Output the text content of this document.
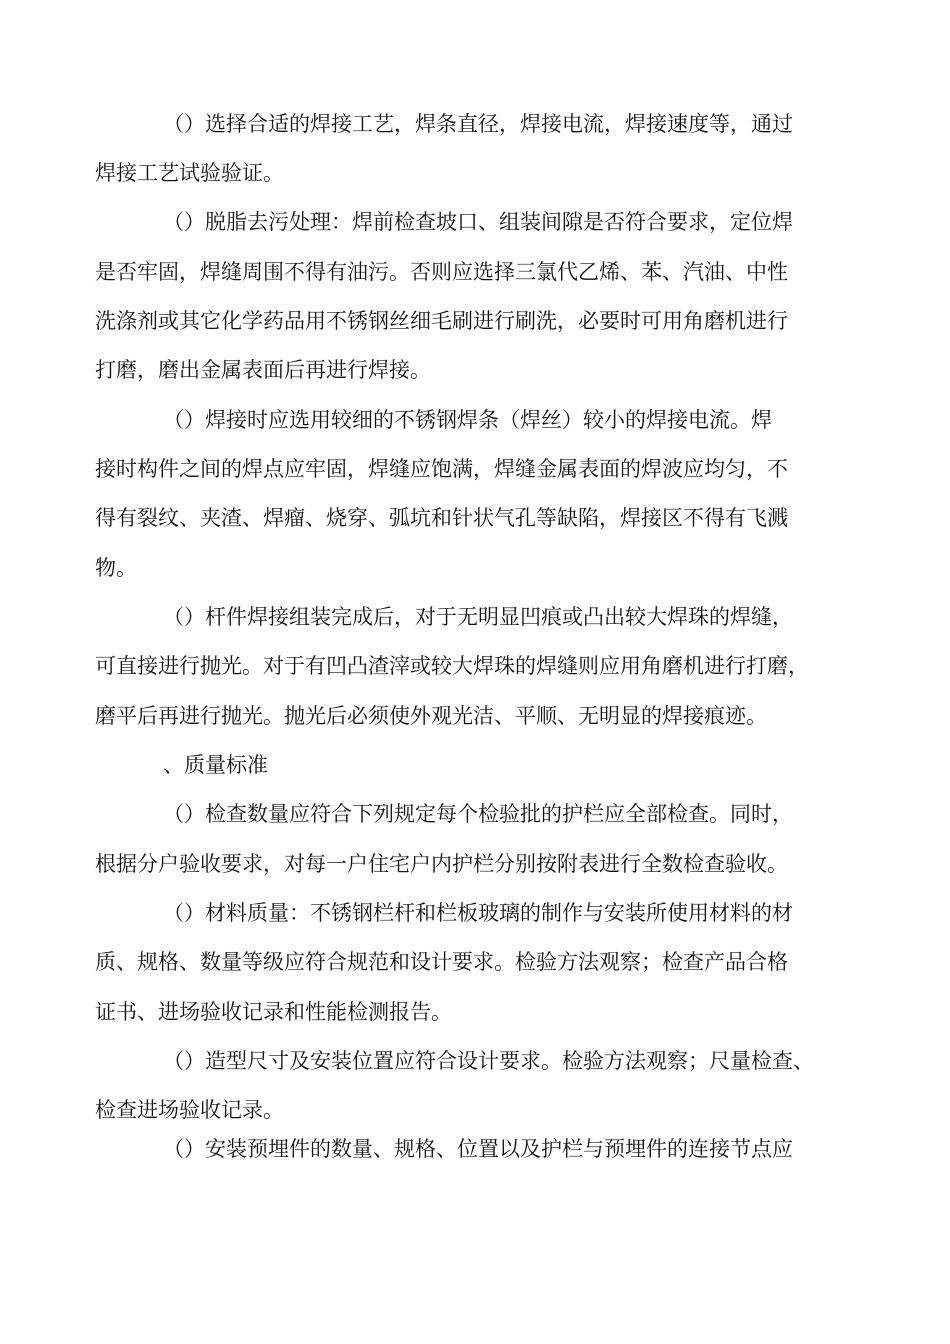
（）选择合适的焊接工艺，焊条直径，焊接电流，焊接速度等，通过
焊接工艺试验验证。
（）脱脂去污处理：焊前检查坡口、组装间隙是否符合要求，定位焊
是否牢固，焊缝周围不得有油污。否则应选择三氯代乙烯、苯、汽油、中性
洗涤剂或其它化学药品用不锈钢丝细毛刷进行刷洗，必要时可用角磨机进行
打磨，磨出金属表面后再进行焊接。
（）焊接时应选用较细的不锈钢焊条（焊丝）较小的焊接电流。焊
接时构件之间的焊点应牢固，焊缝应饱满，焊缝金属表面的焊波应均匀，不
得有裂纹、夹渣、焊瘤、烧穿、弧坑和针状气孔等缺陷，焊接区不得有飞溅
物。
（）杆件焊接组装完成后，对于无明显凹痕或凸出较大焊珠的焊缝，
可直接进行抛光。对于有凹凸渣滓或较大焊珠的焊缝则应用角磨机进行打磨，
磨平后再进行抛光。抛光后必须使外观光洁、平顺、无明显的焊接痕迹。
、质量标准
（）检查数量应符合下列规定每个检验批的护栏应全部检查。同时，
根据分户验收要求，对每一户住宅户内护栏分别按附表进行全数检查验收。
（）材料质量：不锈钢栏杆和栏板玻璃的制作与安装所使用材料的材
质、规格、数量等级应符合规范和设计要求。检验方法观察；检查产品合格
证书、进场验收记录和性能检测报告。
（）造型尺寸及安装位置应符合设计要求。检验方法观察；尺量检查、
检查进场验收记录。
（）安装预埋件的数量、规格、位置以及护栏与预埋件的连接节点应
